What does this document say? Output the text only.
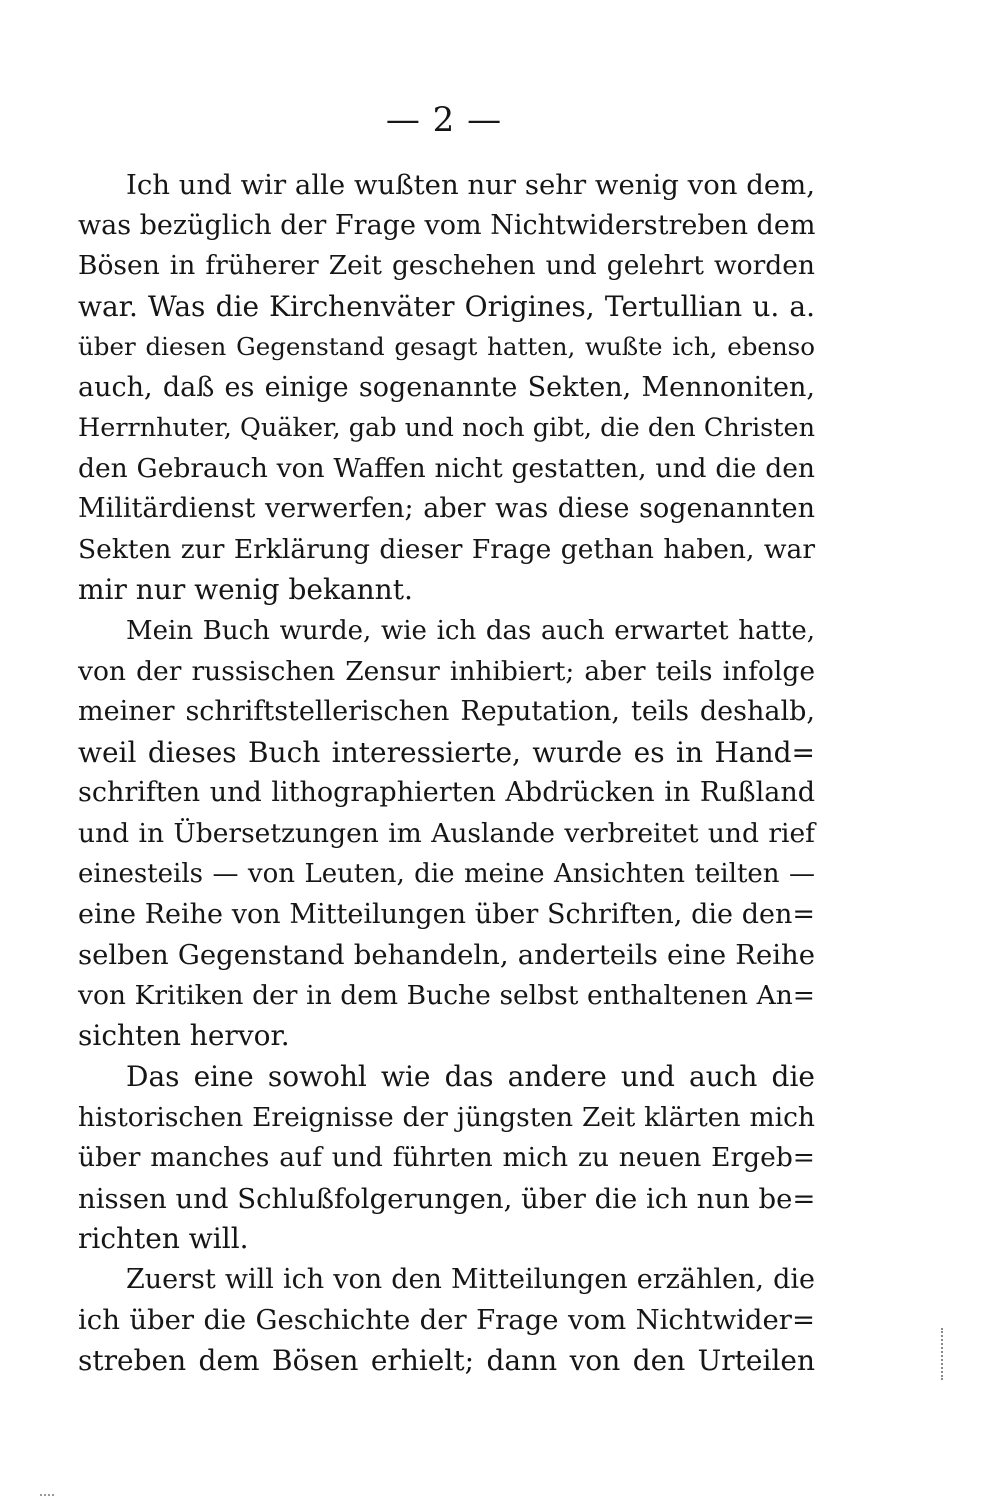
— 2 —
Ich und wir alle wußten nur sehr wenig von dem,
was bezüglich der Frage vom Nichtwiderstreben dem
Bösen in früherer Zeit geschehen und gelehrt worden
war. Was die Kirchenväter Origines, Tertullian u. a.
über diesen Gegenstand gesagt hatten, wußte ich, ebenso
auch, daß es einige sogenannte Sekten, Mennoniten,
Herrnhuter, Quäker, gab und noch gibt, die den Christen
den Gebrauch von Waffen nicht gestatten, und die den
Militärdienst verwerfen; aber was diese sogenannten
Sekten zur Erklärung dieser Frage gethan haben, war
mir nur wenig bekannt.
Mein Buch wurde, wie ich das auch erwartet hatte,
von der russischen Zensur inhibiert; aber teils infolge
meiner schriftstellerischen Reputation, teils deshalb,
weil dieses Buch interessierte, wurde es in Hand=
schriften und lithographierten Abdrücken in Rußland
und in Übersetzungen im Auslande verbreitet und rief
einesteils — von Leuten, die meine Ansichten teilten —
eine Reihe von Mitteilungen über Schriften, die den=
selben Gegenstand behandeln, anderteils eine Reihe
von Kritiken der in dem Buche selbst enthaltenen An=
sichten hervor.
Das eine sowohl wie das andere und auch die
historischen Ereignisse der jüngsten Zeit klärten mich
über manches auf und führten mich zu neuen Ergeb=
nissen und Schlußfolgerungen, über die ich nun be=
richten will.
Zuerst will ich von den Mitteilungen erzählen, die
ich über die Geschichte der Frage vom Nichtwider=
streben dem Bösen erhielt; dann von den Urteilen
